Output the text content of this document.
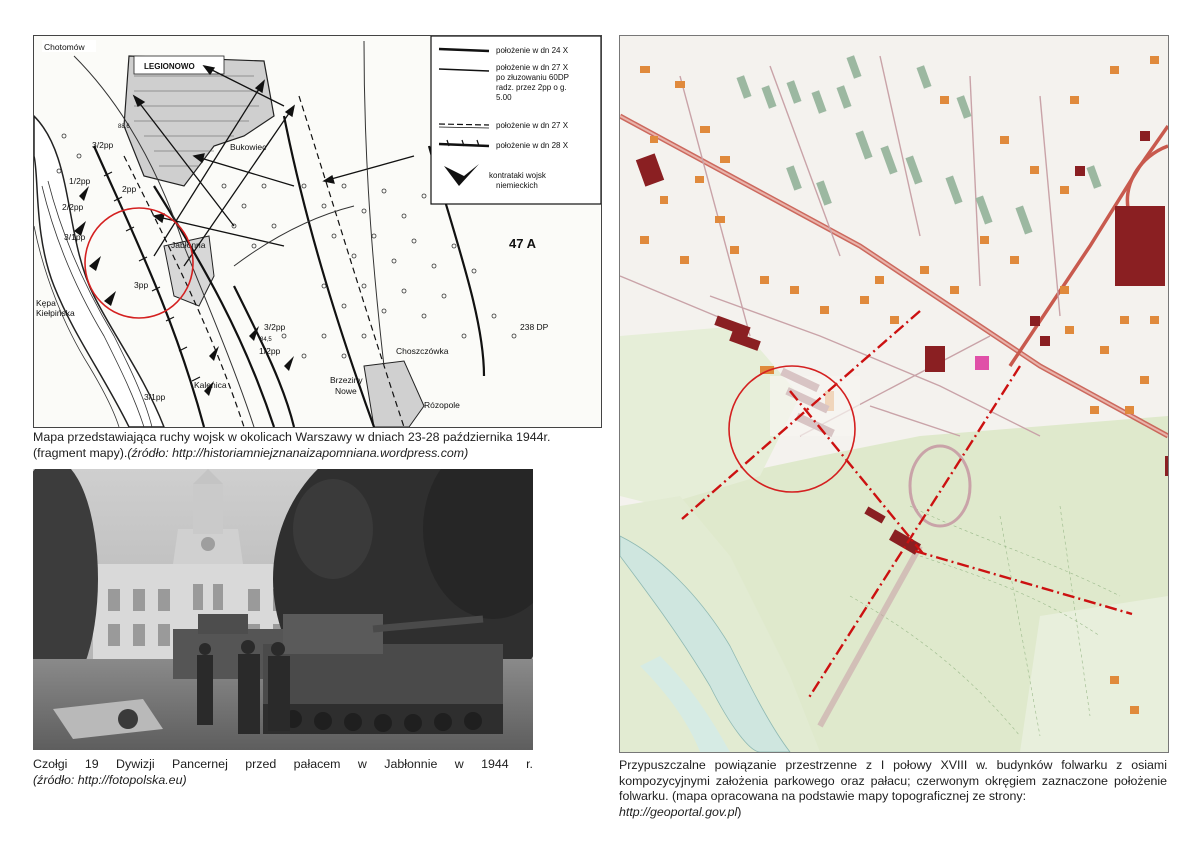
LEGIONOWO
położenie w dn 24 X
położenie w dn 27 X
po złuzowaniu 60DP
radz. przez 2pp o g.
5.00
położenie w dn 27 X
położenie w dn 28 X
kontrataki wojsk
niemieckich
Chotomów
Bukowiec
Jabłonna
Kępa
Kiełpińska
Kalenica	Brzeziny
Nowe
Choszczówka
Rózopole
47 A
238 DP
3/2pp
1/2pp
2pp
2/2pp
3/1pp
3pp
3/2pp
1/2pp
3/1pp
88,6
84,5
Mapa przedstawiająca ruchy wojsk w okolicach Warszawy w dniach 23-28 października 1944r.
(fragment mapy).(źródło: http://historiamniejznanaizapomniana.wordpress.com)
Czołgi 19 Dywizji Pancernej przed pałacem w Jabłonnie w 1944 r.
(źródło: http://fotopolska.eu)
Przypuszczalne powiązanie przestrzenne z I połowy XVIII w. budynków folwarku z osiami kompozycyjnymi założenia parkowego oraz pałacu; czerwonym okręgiem zaznaczone położenie folwarku. (mapa opracowana na podstawie mapy topograficznej ze strony:
http://geoportal.gov.pl)
